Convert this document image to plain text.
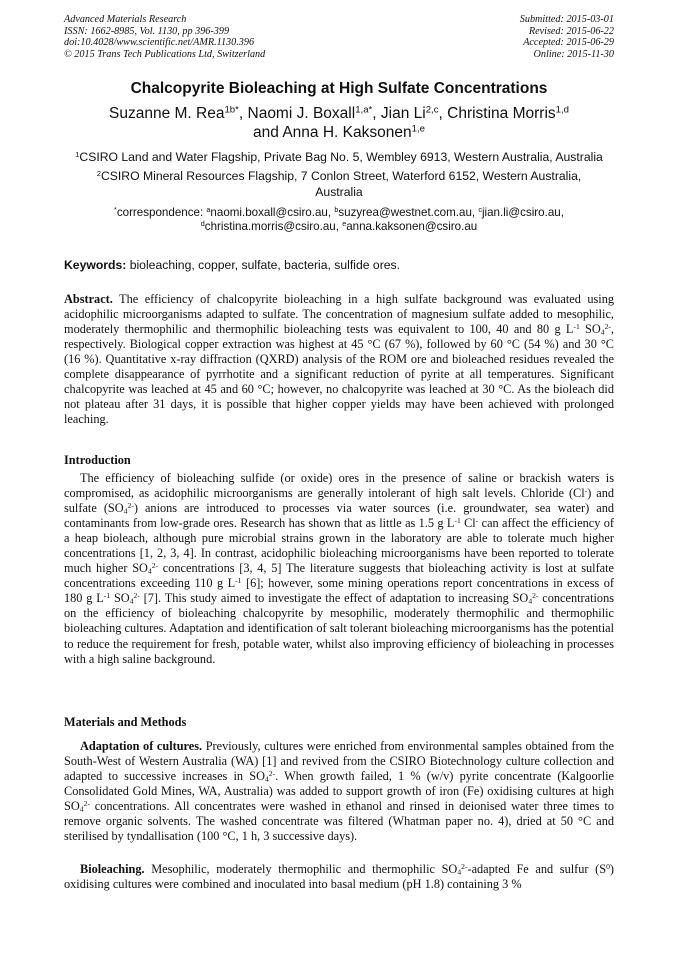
Advanced Materials Research
ISSN: 1662-8985, Vol. 1130, pp 396-399
doi:10.4028/www.scientific.net/AMR.1130.396
© 2015 Trans Tech Publications Ltd, Switzerland
Submitted: 2015-03-01
Revised: 2015-06-22
Accepted: 2015-06-29
Online: 2015-11-30
Chalcopyrite Bioleaching at High Sulfate Concentrations
Suzanne M. Rea$^{1b*}$, Naomi J. Boxall$^{1,a*}$, Jian Li$^{2,c}$, Christina Morris$^{1,d}$
and Anna H. Kaksonen$^{1,e}$
$^1$CSIRO Land and Water Flagship, Private Bag No. 5, Wembley 6913, Western Australia, Australia
$^2$CSIRO Mineral Resources Flagship, 7 Conlon Street, Waterford 6152, Western Australia, Australia
*correspondence: $^a$naomi.boxall@csiro.au, $^b$suzyrea@westnet.com.au, $^c$jian.li@csiro.au,
$^d$christina.morris@csiro.au, $^e$anna.kaksonen@csiro.au
Keywords: bioleaching, copper, sulfate, bacteria, sulfide ores.
Abstract. The efficiency of chalcopyrite bioleaching in a high sulfate background was evaluated using acidophilic microorganisms adapted to sulfate. The concentration of magnesium sulfate added to mesophilic, moderately thermophilic and thermophilic bioleaching tests was equivalent to 100, 40 and 80 g $L^{-1}$ $SO_4^{2-}$, respectively. Biological copper extraction was highest at 45 °C (67 %), followed by 60 °C (54 %) and 30 °C (16 %). Quantitative x-ray diffraction (QXRD) analysis of the ROM ore and bioleached residues revealed the complete disappearance of pyrrhotite and a significant reduction of pyrite at all temperatures. Significant chalcopyrite was leached at 45 and 60 °C; however, no chalcopyrite was leached at 30 °C. As the bioleach did not plateau after 31 days, it is possible that higher copper yields may have been achieved with prolonged leaching.
Introduction
The efficiency of bioleaching sulfide (or oxide) ores in the presence of saline or brackish waters is compromised, as acidophilic microorganisms are generally intolerant of high salt levels. Chloride (Cl-) and sulfate $(SO_4^{2-})$ anions are introduced to processes via water sources (i.e. groundwater, sea water) and contaminants from low-grade ores. Research has shown that as little as 1.5 g $L^{-1}$ Cl- can affect the efficiency of a heap bioleach, although pure microbial strains grown in the laboratory are able to tolerate much higher concentrations [1, 2, 3, 4]. In contrast, acidophilic bioleaching microorganisms have been reported to tolerate much higher $SO_4^{2-}$ concentrations [3, 4, 5] The literature suggests that bioleaching activity is lost at sulfate concentrations exceeding 110 g $L^{-1}$ [6]; however, some mining operations report concentrations in excess of 180 g $L^{-1}$ $SO_4^{2-}$ [7]. This study aimed to investigate the effect of adaptation to increasing $SO_4^{2-}$ concentrations on the efficiency of bioleaching chalcopyrite by mesophilic, moderately thermophilic and thermophilic bioleaching cultures. Adaptation and identification of salt tolerant bioleaching microorganisms has the potential to reduce the requirement for fresh, potable water, whilst also improving efficiency of bioleaching in processes with a high saline background.
Materials and Methods
Adaptation of cultures. Previously, cultures were enriched from environmental samples obtained from the South-West of Western Australia (WA) [1] and revived from the CSIRO Biotechnology culture collection and adapted to successive increases in $SO_4^{2-}$. When growth failed, 1 % (w/v) pyrite concentrate (Kalgoorlie Consolidated Gold Mines, WA, Australia) was added to support growth of iron (Fe) oxidising cultures at high $SO_4^{2-}$ concentrations. All concentrates were washed in ethanol and rinsed in deionised water three times to remove organic solvents. The washed concentrate was filtered (Whatman paper no. 4), dried at 50 °C and sterilised by tyndallisation (100 °C, 1 h, 3 successive days).
Bioleaching. Mesophilic, moderately thermophilic and thermophilic $SO_4^{2-}$-adapted Fe and sulfur $(S^0)$ oxidising cultures were combined and inoculated into basal medium (pH 1.8) containing 3 %
